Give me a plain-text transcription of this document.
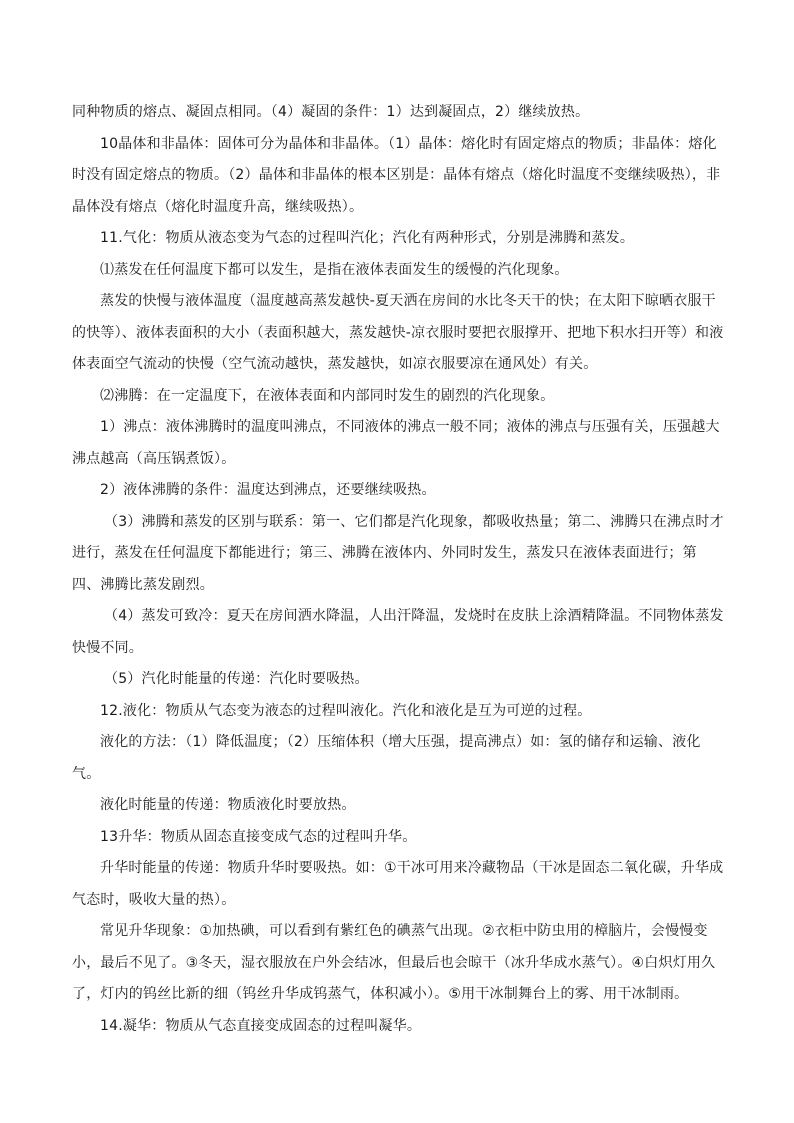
同种物质的熔点、凝固点相同。（4）凝固的条件：1）达到凝固点，2）继续放热。

10晶体和非晶体：固体可分为晶体和非晶体。（1）晶体：熔化时有固定熔点的物质；非晶体：熔化时没有固定熔点的物质。（2）晶体和非晶体的根本区别是：晶体有熔点（熔化时温度不变继续吸热），非晶体没有熔点（熔化时温度升高，继续吸热）。

11.气化：物质从液态变为气态的过程叫汽化；汽化有两种形式，分别是沸腾和蒸发。

⑴蒸发在任何温度下都可以发生，是指在液体表面发生的缓慢的汽化现象。

蒸发的快慢与液体温度（温度越高蒸发越快-夏天洒在房间的水比冬天干的快；在太阳下晾晒衣服干的快等）、液体表面积的大小（表面积越大，蒸发越快-凉衣服时要把衣服撑开、把地下积水扫开等）和液体表面空气流动的快慢（空气流动越快，蒸发越快，如凉衣服要凉在通风处）有关。

⑵沸腾：在一定温度下，在液体表面和内部同时发生的剧烈的汽化现象。

1）沸点：液体沸腾时的温度叫沸点，不同液体的沸点一般不同；液体的沸点与压强有关，压强越大沸点越高（高压锅煮饭）。

2）液体沸腾的条件：温度达到沸点，还要继续吸热。

（3）沸腾和蒸发的区别与联系：第一、它们都是汽化现象，都吸收热量；第二、沸腾只在沸点时才进行，蒸发在任何温度下都能进行；第三、沸腾在液体内、外同时发生，蒸发只在液体表面进行；第四、沸腾比蒸发剧烈。

（4）蒸发可致冷：夏天在房间洒水降温，人出汗降温，发烧时在皮肤上涂酒精降温。不同物体蒸发快慢不同。

（5）汽化时能量的传递：汽化时要吸热。

12.液化：物质从气态变为液态的过程叫液化。汽化和液化是互为可逆的过程。

液化的方法：（1）降低温度；（2）压缩体积（增大压强，提高沸点）如：氢的储存和运输、液化气。

液化时能量的传递：物质液化时要放热。

13升华：物质从固态直接变成气态的过程叫升华。

升华时能量的传递：物质升华时要吸热。如：①干冰可用来冷藏物品（干冰是固态二氧化碳，升华成气态时，吸收大量的热）。

常见升华现象：①加热碘，可以看到有紫红色的碘蒸气出现。②衣柜中防虫用的樟脑片，会慢慢变小，最后不见了。③冬天，湿衣服放在户外会结冰，但最后也会晾干（冰升华成水蒸气）。④白炽灯用久了，灯内的钨丝比新的细（钨丝升华成钨蒸气，体积减小）。⑤用干冰制舞台上的雾、用干冰制雨。

14.凝华：物质从气态直接变成固态的过程叫凝华。
